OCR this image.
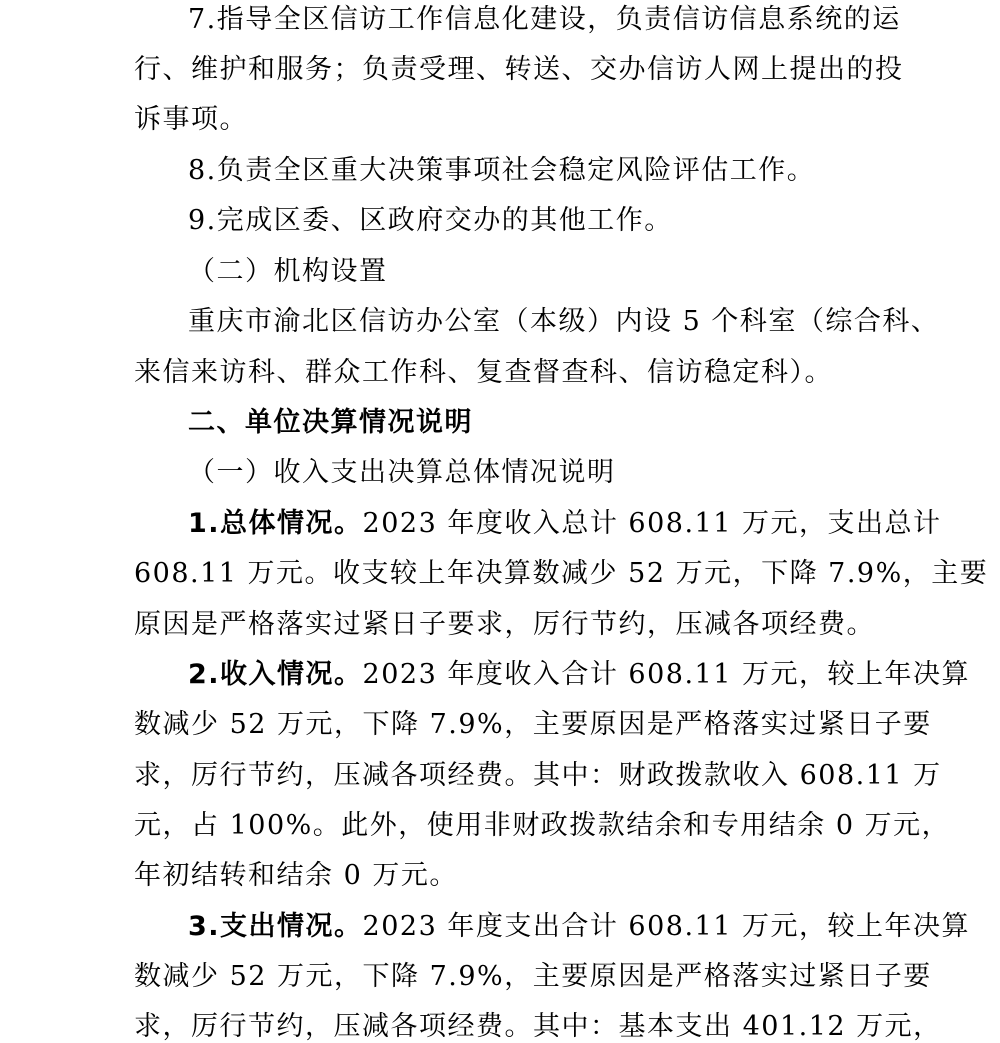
7.指导全区信访工作信息化建设，负责信访信息系统的运
行、维护和服务；负责受理、转送、交办信访人网上提出的投
诉事项。
8.负责全区重大决策事项社会稳定风险评估工作。
9.完成区委、区政府交办的其他工作。
（二）机构设置
重庆市渝北区信访办公室（本级）内设 5 个科室（综合科、
来信来访科、群众工作科、复查督查科、信访稳定科）。
二、单位决算情况说明
（一）收入支出决算总体情况说明
1.总体情况。2023 年度收入总计 608.11 万元，支出总计
608.11 万元。收支较上年决算数减少 52 万元，下降 7.9%，主要
原因是严格落实过紧日子要求，厉行节约，压减各项经费。
2.收入情况。2023 年度收入合计 608.11 万元，较上年决算
数减少 52 万元，下降 7.9%，主要原因是严格落实过紧日子要
求，厉行节约，压减各项经费。其中：财政拨款收入 608.11 万
元，占 100%。此外，使用非财政拨款结余和专用结余 0 万元，
年初结转和结余 0 万元。
3.支出情况。2023 年度支出合计 608.11 万元，较上年决算
数减少 52 万元，下降 7.9%，主要原因是严格落实过紧日子要
求，厉行节约，压减各项经费。其中：基本支出 401.12 万元，
